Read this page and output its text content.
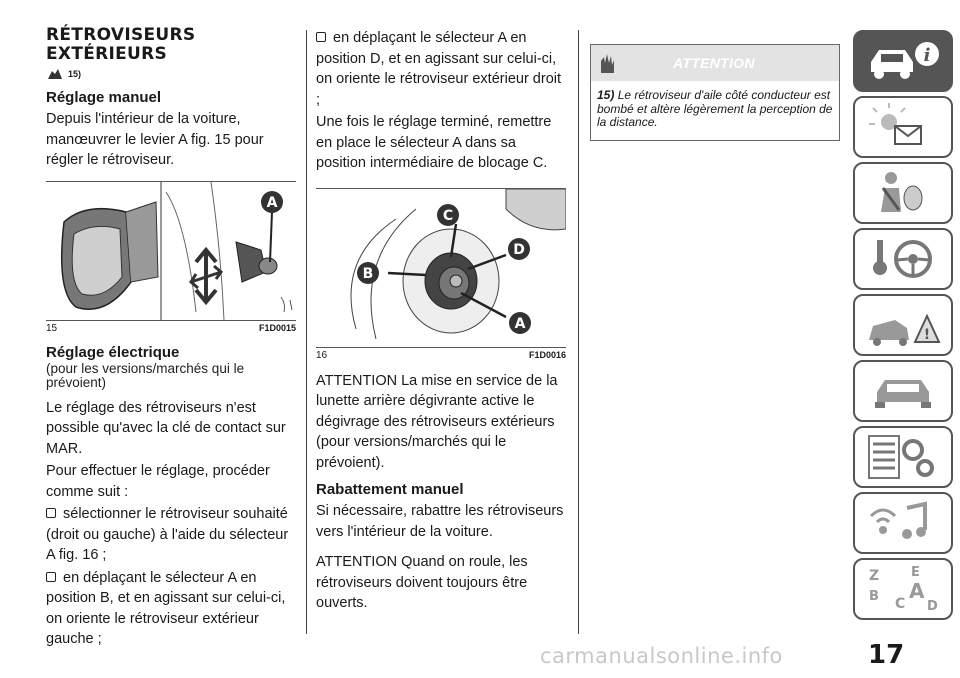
RÉTROVISEURS
EXTÉRIEURS
15)
Réglage manuel

Depuis l'intérieur de la voiture, manœuvrer le levier A fig. 15 pour régler le rétroviseur.

A
15	F1D0015
Réglage électrique
(pour les versions/marchés qui le prévoient)

Le réglage des rétroviseurs n'est possible qu'avec la clé de contact sur MAR.

Pour effectuer le réglage, procéder comme suit :

sélectionner le rétroviseur souhaité (droit ou gauche) à l'aide du sélecteur A fig. 16 ;

en déplaçant le sélecteur A en position B, et en agissant sur celui-ci, on oriente le rétroviseur extérieur gauche ;

en déplaçant le sélecteur A en position D, et en agissant sur celui-ci, on oriente le rétroviseur extérieur droit ;

Une fois le réglage terminé, remettre en place le sélecteur A dans sa position intermédiaire de blocage C.

C
B
D
A
16	F1D0016

ATTENTION La mise en service de la lunette arrière dégivrante active le dégivrage des rétroviseurs extérieurs (pour versions/marchés qui le prévoient).

Rabattement manuel

Si nécessaire, rabattre les rétroviseurs vers l'intérieur de la voiture.

ATTENTION Quand on roule, les rétroviseurs doivent toujours être ouverts.

ATTENTION
15) Le rétroviseur d'aile côté conducteur est bombé et altère légèrement la perception de la distance.
i
!
Z E
B C
A
D
carmanualsonline.info	17
